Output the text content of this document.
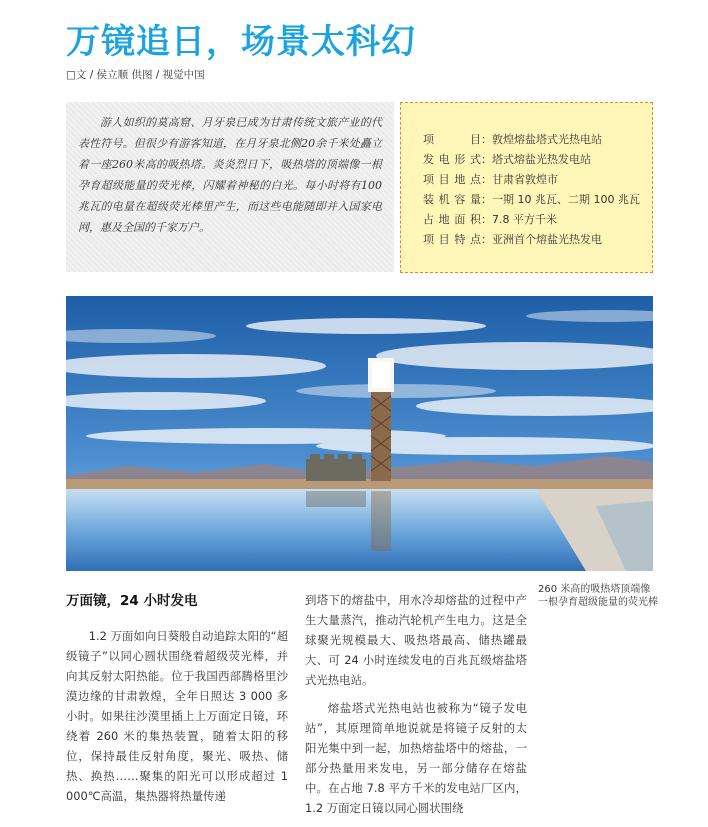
万镜追日，场景太科幻
□文 / 侯立顺 供图 / 视觉中国
游人如织的莫高窟、月牙泉已成为甘肃传统文旅产业的代表性符号。但很少有游客知道，在月牙泉北侧20余千米处矗立着一座260米高的吸热塔。炎炎烈日下，吸热塔的顶端像一根孕育超级能量的荧光棒，闪耀着神秘的白光。每小时将有100兆瓦的电量在超级荧光棒里产生，而这些电能随即并入国家电网，惠及全国的千家万户。
项目：敦煌熔盐塔式光热电站
发电形式：塔式熔盐光热发电站
项目地点：甘肃省敦煌市
装机容量：一期 10 兆瓦、二期 100 兆瓦
占地面积：7.8 平方千米
项目特点：亚洲首个熔盐光热发电
260 米高的吸热塔顶端像一根孕育超级能量的荧光棒
万面镜，24 小时发电

1.2 万面如向日葵般自动追踪太阳的“超级镜子”以同心圆状围绕着超级荧光棒，并向其反射太阳热能。位于我国西部腾格里沙漠边缘的甘肃敦煌，全年日照达 3 000 多小时。如果往沙漠里插上上万面定日镜，环绕着 260 米的集热装置，随着太阳的移位，保持最佳反射角度，聚光、吸热、储热、换热……聚集的阳光可以形成超过 1 000℃高温，集热器将热量传递

到塔下的熔盐中，用水冷却熔盐的过程中产生大量蒸汽，推动汽轮机产生电力。这是全球聚光规模最大、吸热塔最高、储热罐最大、可 24 小时连续发电的百兆瓦级熔盐塔式光热电站。

熔盐塔式光热电站也被称为“镜子发电站”，其原理简单地说就是将镜子反射的太阳光集中到一起，加热熔盐塔中的熔盐，一部分热量用来发电，另一部分储存在熔盐中。在占地 7.8 平方千米的发电站厂区内，1.2 万面定日镜以同心圆状围绕
